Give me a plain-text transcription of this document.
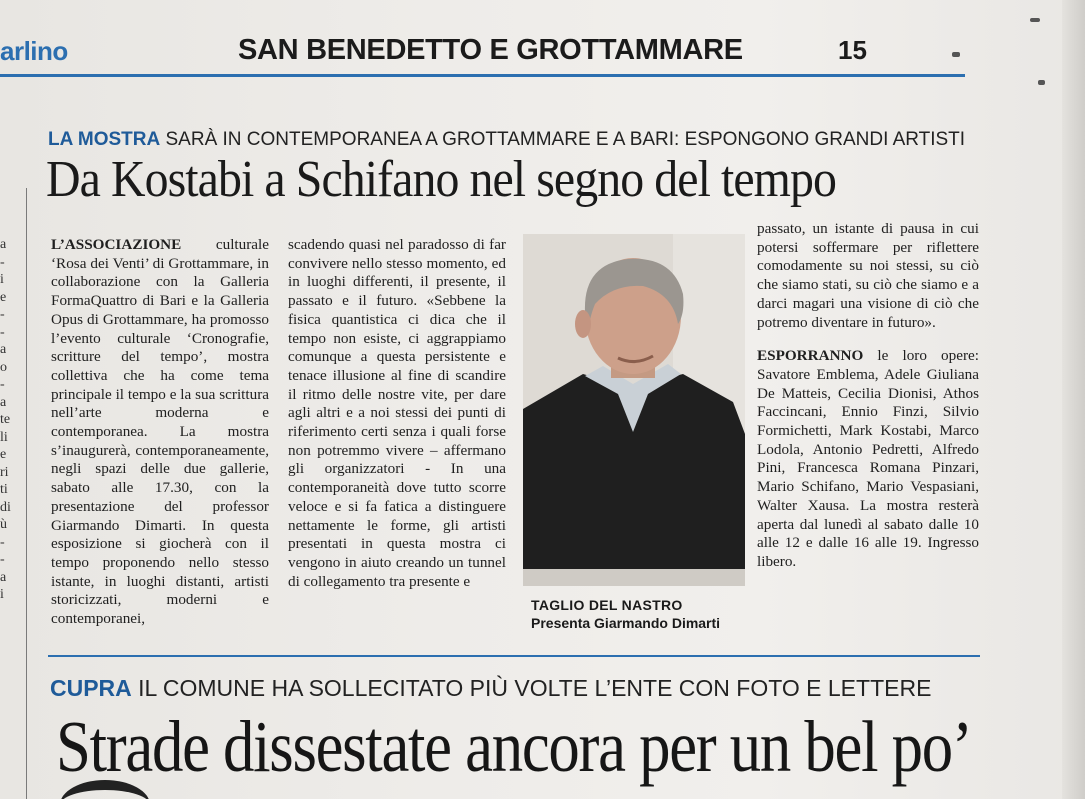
arlino	SAN BENEDETTO E GROTTAMMARE	15
a
-
i
e
-
-
a
o
-
a
te
li
e
ri
ti
di
ù
-
-
a
i
LA MOSTRA SARÀ IN CONTEMPORANEA A GROTTAMMARE E A BARI: ESPONGONO GRANDI ARTISTI
Da Kostabi a Schifano nel segno del tempo

L’ASSOCIAZIONE culturale ‘Rosa dei Venti’ di Grottammare, in collaborazione con la Galleria FormaQuattro di Bari e la Galleria Opus di Grottammare, ha promosso l’evento culturale ‘Cronografie, scritture del tempo’, mostra collettiva che ha come tema principale il tempo e la sua scrittura nell’arte moderna e contemporanea. La mostra s’inaugurerà, contemporaneamente, negli spazi delle due gallerie, sabato alle 17.30, con la presentazione del professor Giarmando Dimarti. In questa esposizione si giocherà con il tempo proponendo nello stesso istante, in luoghi distanti, artisti storicizzati, moderni e contemporanei,

scadendo quasi nel paradosso di far convivere nello stesso momento, ed in luoghi differenti, il presente, il passato e il futuro. «Sebbene la fisica quantistica ci dica che il tempo non esiste, ci aggrappiamo comunque a questa persistente e tenace illusione al fine di scandire il ritmo delle nostre vite, per dare agli altri e a noi stessi dei punti di riferimento certi senza i quali forse non potremmo vivere – affermano gli organizzatori - In una contemporaneità dove tutto scorre veloce e si fa fatica a distinguere nettamente le forme, gli artisti presentati in questa mostra ci vengono in aiuto creando un tunnel di collegamento tra presente e

TAGLIO DEL NASTRO
Presenta Giarmando Dimarti

passato, un istante di pausa in cui potersi soffermare per riflettere comodamente su noi stessi, su ciò che siamo stati, su ciò che siamo e a darci magari una visione di ciò che potremo diventare in futuro».

ESPORRANNO le loro opere: Savatore Emblema, Adele Giuliana De Matteis, Cecilia Dionisi, Athos Faccincani, Ennio Finzi, Silvio Formichetti, Mark Kostabi, Marco Lodola, Antonio Pedretti, Alfredo Pini, Francesca Romana Pinzari, Mario Schifano, Mario Vespasiani, Walter Xausa. La mostra resterà aperta dal lunedì al sabato dalle 10 alle 12 e dalle 16 alle 19. Ingresso libero.

CUPRA IL COMUNE HA SOLLECITATO PIÙ VOLTE L’ENTE CON FOTO E LETTERE
Strade dissestate ancora per un bel po’
